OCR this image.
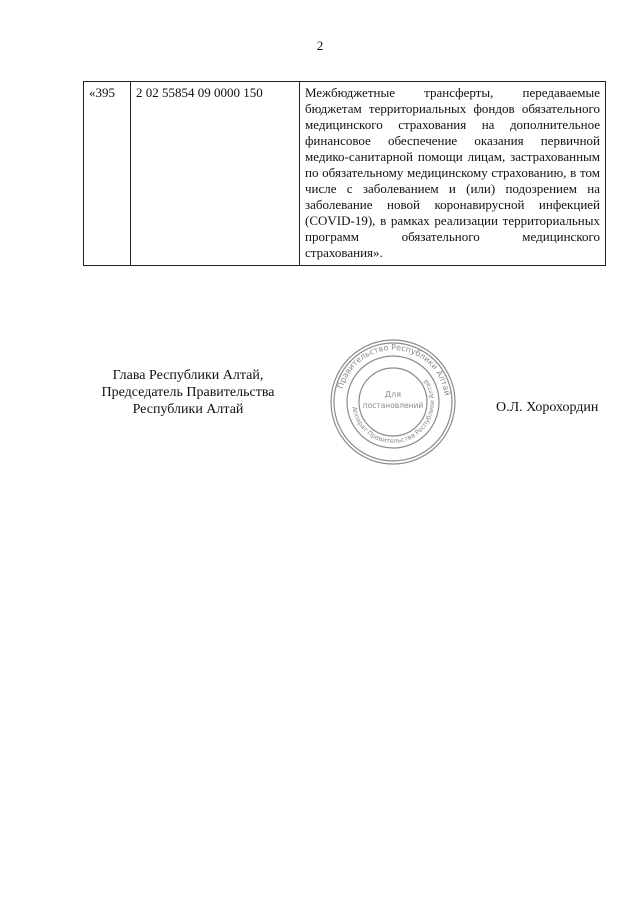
2
«395	2 02 55854 09 0000 150	Межбюджетные трансферты, передаваемые бюджетам территориальных фондов обязательного медицинского страхования на дополнительное финансовое обеспечение оказания первичной медико-санитарной помощи лицам, застрахованным по обязательному медицинскому страхованию, в том числе с заболеванием и (или) подозрением на заболевание новой коронавирусной инфекцией (COVID-19), в рамках реализации территориальных программ обязательного медицинского страхования».
Глава Республики Алтай,
Председатель Правительства
Республики Алтай
Правительство Республики Алтай
Аппарат Правительства Республики Алтай
Для
постановлений	О.Л. Хорохордин
